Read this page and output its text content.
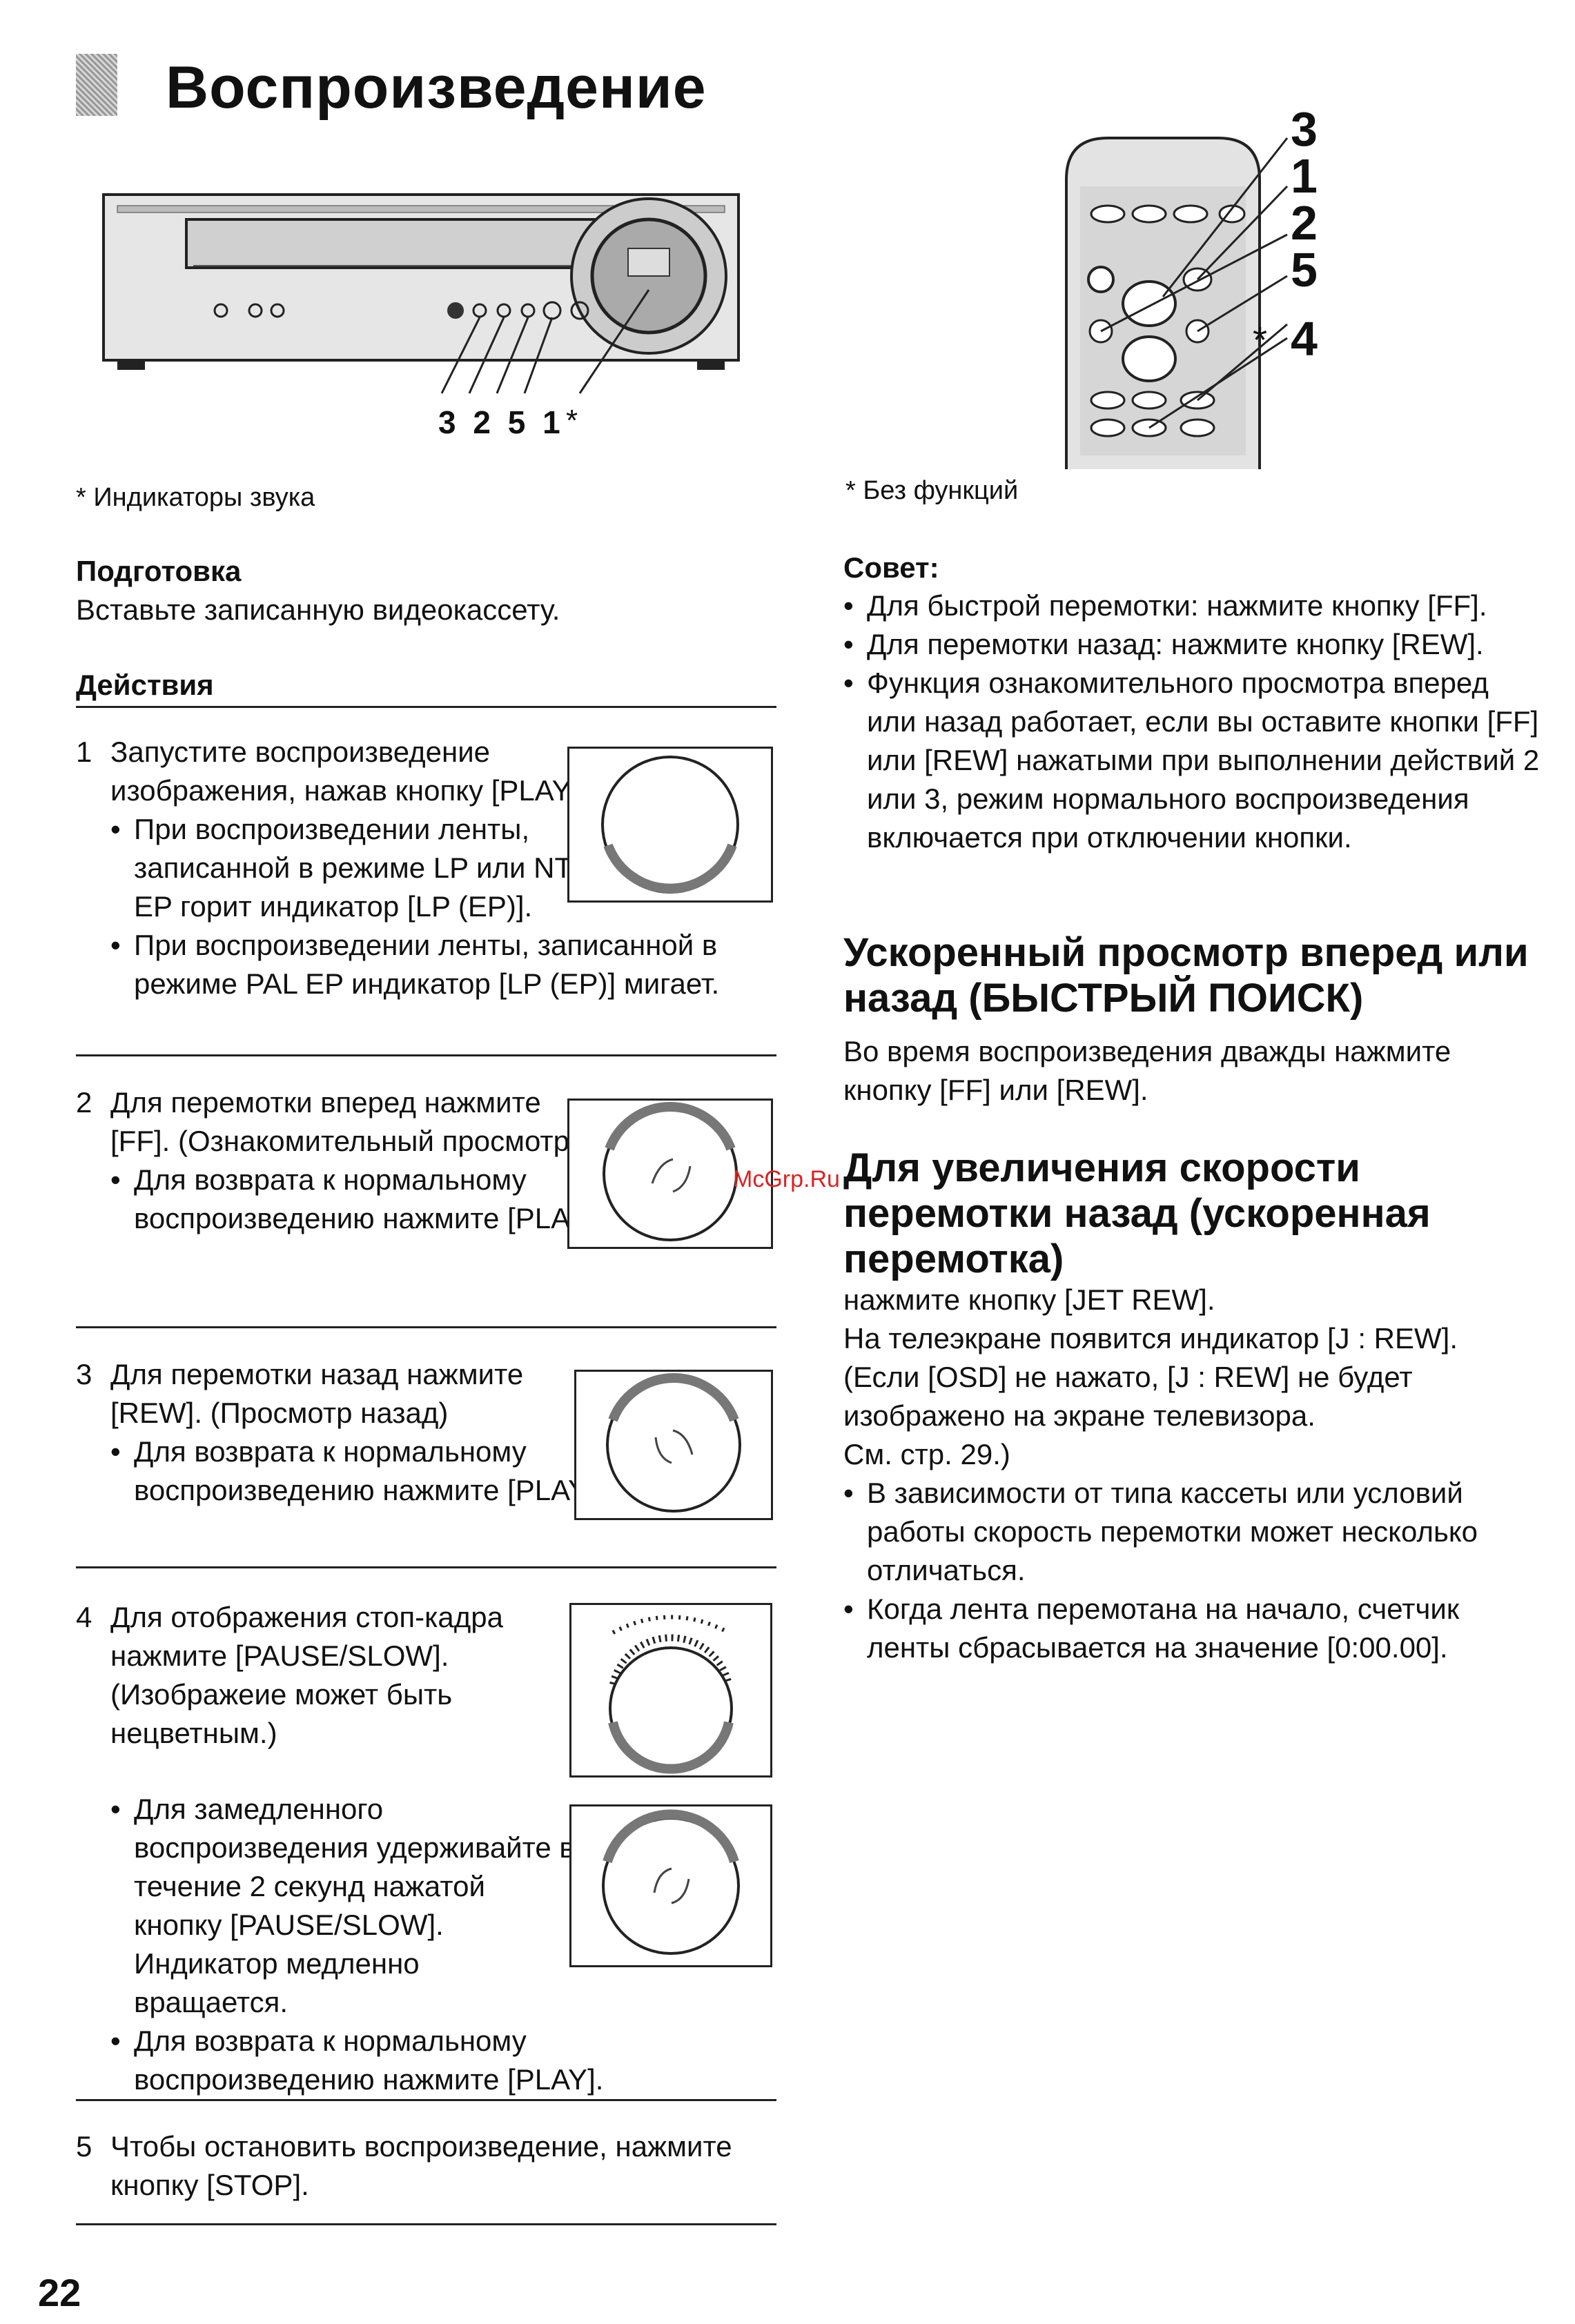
Воспроизведение
3 2 5 1 *
3
1
2
5
4
*
* Индикаторы звука	* Без функций
Подготовка
Вставьте записанную видеокассету.
Действия
1 Запустите воспроизведение изображения, нажав кнопку [PLAY].
• При воспроизведении ленты, записанной в режиме LP или NTSC EP горит индикатор [LP (EP)].
• При воспроизведении ленты, записанной в режиме PAL EP индикатор [LP (EP)] мигает.
2 Для перемотки вперед нажмите [FF]. (Ознакомительный просмотр)
• Для возврата к нормальному воспроизведению нажмите [PLAY].
3 Для перемотки назад нажмите [REW]. (Просмотр назад)
• Для возврата к нормальному воспроизведению нажмите [PLAY].
4 Для отображения стоп-кадра нажмите [PAUSE/SLOW]. (Изображеие может быть нецветным.)
• Для замедленного воспроизведения удерживайте в течение 2 секунд нажатой кнопку [PAUSE/SLOW]. Индикатор медленно вращается.
• Для возврата к нормальному воспроизведению нажмите [PLAY].
5 Чтобы остановить воспроизведение, нажмите кнопку [STOP].
Совет:
• Для быстрой перемотки: нажмите кнопку [FF].
• Для перемотки назад: нажмите кнопку [REW].
• Функция ознакомительного просмотра вперед или назад работает, если вы оставите кнопки [FF] или [REW] нажатыми при выполнении действий 2 или 3, режим нормального воспроизведения включается при отключении кнопки.
Ускоренный просмотр вперед или назад (БЫСТРЫЙ ПОИСК)
Во время воспроизведения дважды нажмите кнопку [FF] или [REW].
Для увеличения скорости перемотки назад (ускоренная перемотка)
нажмите кнопку [JET REW].
На телеэкране появится индикатор [J : REW].
(Если [OSD] не нажато, [J : REW] не будет изображено на экране телевизора.
См. стр. 29.)
• В зависимости от типа кассеты или условий работы скорость перемотки может несколько отличаться.
• Когда лента перемотана на начало, счетчик ленты сбрасывается на значение [0:00.00].
McGrp.Ru
22
